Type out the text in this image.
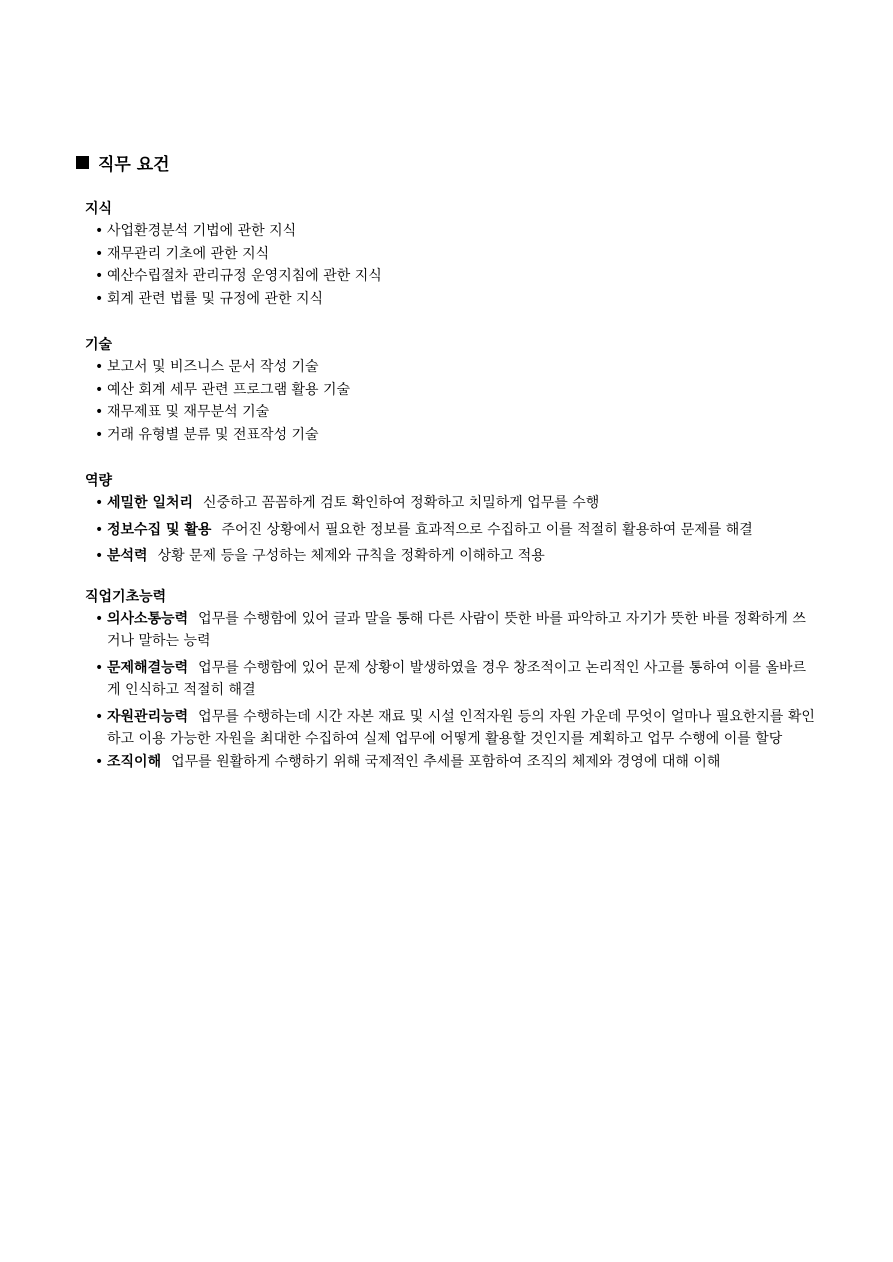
직무 요건
지식
• 사업환경분석 기법에 관한 지식
• 재무관리 기초에 관한 지식
• 예산수립절차 관리규정 운영지침에 관한 지식
• 회계 관련 법률 및 규정에 관한 지식
기술
• 보고서 및 비즈니스 문서 작성 기술
• 예산 회계 세무 관련 프로그램 활용 기술
• 재무제표 및 재무분석 기술
• 거래 유형별 분류 및 전표작성 기술
역량
• 세밀한 일처리 신중하고 꼼꼼하게 검토 확인하여 정확하고 치밀하게 업무를 수행
• 정보수집 및 활용 주어진 상황에서 필요한 정보를 효과적으로 수집하고 이를 적절히 활용하여 문제를 해결
• 분석력 상황 문제 등을 구성하는 체제와 규칙을 정확하게 이해하고 적용
직업기초능력
• 의사소통능력 업무를 수행함에 있어 글과 말을 통해 다른 사람이 뜻한 바를 파악하고 자기가 뜻한 바를 정확하게 쓰거나 말하는 능력
• 문제해결능력 업무를 수행함에 있어 문제 상황이 발생하였을 경우 창조적이고 논리적인 사고를 통하여 이를 올바르게 인식하고 적절히 해결
• 자원관리능력 업무를 수행하는데 시간 자본 재료 및 시설 인적자원 등의 자원 가운데 무엇이 얼마나 필요한지를 확인하고 이용 가능한 자원을 최대한 수집하여 실제 업무에 어떻게 활용할 것인지를 계획하고 업무 수행에 이를 할당
• 조직이해 업무를 원활하게 수행하기 위해 국제적인 추세를 포함하여 조직의 체제와 경영에 대해 이해
